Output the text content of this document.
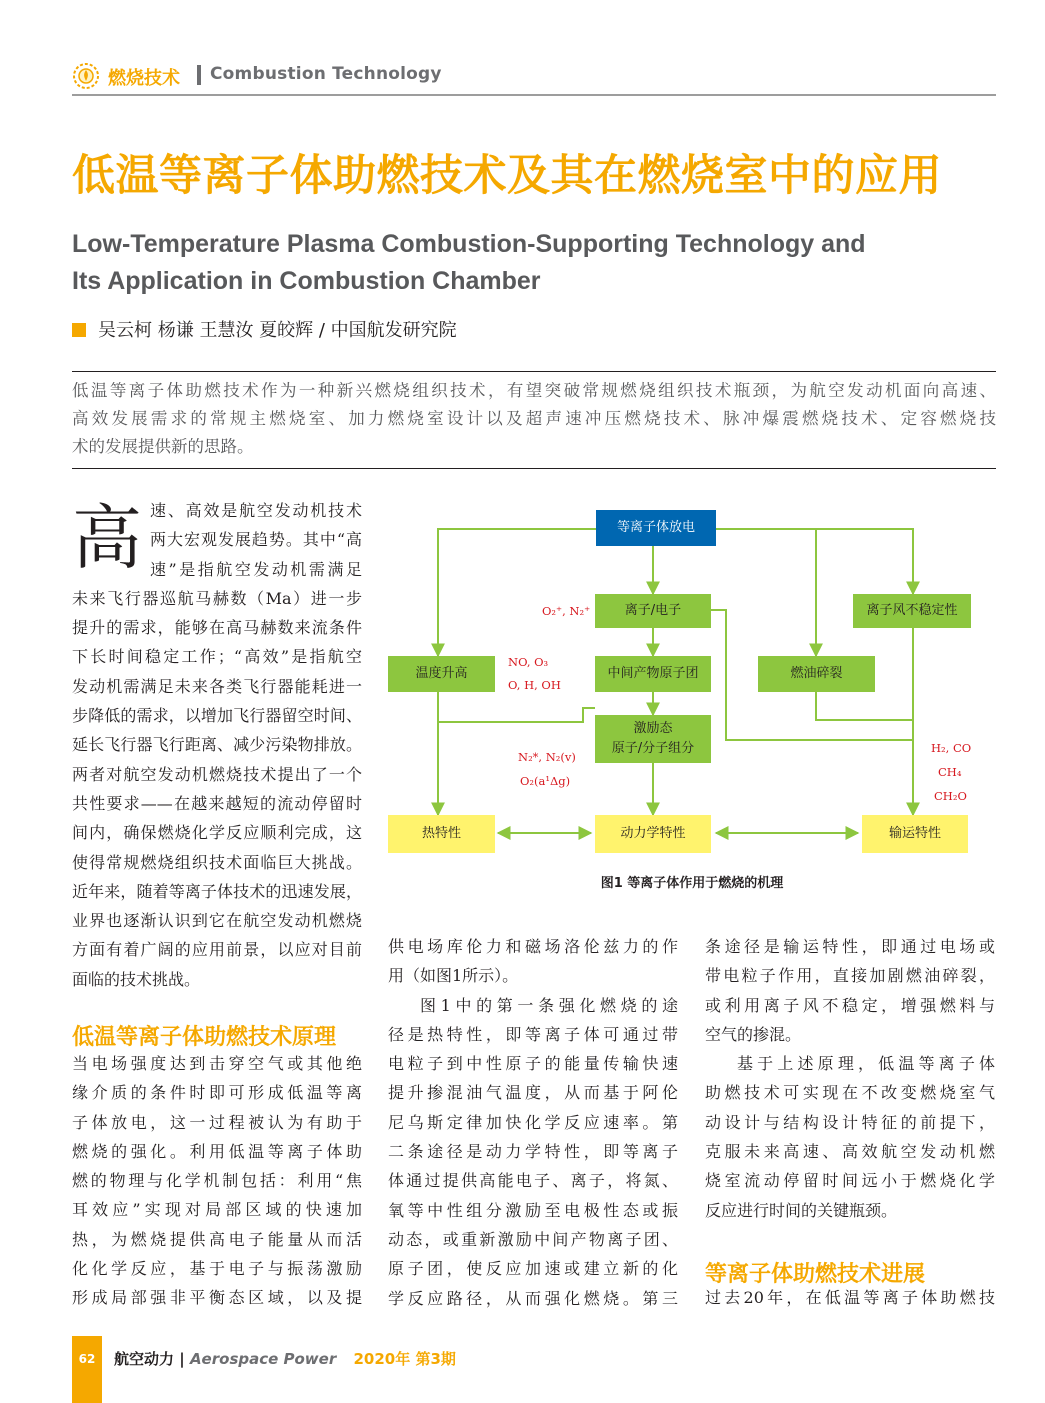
燃烧技术 Combustion Technology
低温等离子体助燃技术及其在燃烧室中的应用
Low-Temperature Plasma Combustion-Supporting Technology and
Its Application in Combustion Chamber
吴云柯 杨谦 王慧汝 夏皎辉 / 中国航发研究院
低温等离子体助燃技术作为一种新兴燃烧组织技术，有望突破常规燃烧组织技术瓶颈，为航空发动机面向高速、
高效发展需求的常规主燃烧室、加力燃烧室设计以及超声速冲压燃烧技术、脉冲爆震燃烧技术、定容燃烧技
术的发展提供新的思路。
高 速、高效是航空发动机技术
两大宏观发展趋势。其中“高
速”是指航空发动机需满足
未来飞行器巡航马赫数（Ma）进一步
提升的需求，能够在高马赫数来流条件
下长时间稳定工作；“高效”是指航空
发动机需满足未来各类飞行器能耗进一
步降低的需求，以增加飞行器留空时间、
延长飞行器飞行距离、减少污染物排放。
两者对航空发动机燃烧技术提出了一个
共性要求——在越来越短的流动停留时
间内，确保燃烧化学反应顺利完成，这
使得常规燃烧组织技术面临巨大挑战。
近年来，随着等离子体技术的迅速发展，
业界也逐渐认识到它在航空发动机燃烧
方面有着广阔的应用前景，以应对目前
面临的技术挑战。
低温等离子体助燃技术原理
当电场强度达到击穿空气或其他绝
缘介质的条件时即可形成低温等离
子体放电，这一过程被认为有助于
燃烧的强化。利用低温等离子体助
燃的物理与化学机制包括：利用“焦
耳效应”实现对局部区域的快速加
热，为燃烧提供高电子能量从而活
化化学反应，基于电子与振荡激励
形成局部强非平衡态区域，以及提
等离子体放电
离子/电子	离子风不稳定性
温度升高	中间产物原子团	燃油碎裂
激励态
原子/分子组分
热特性	动力学特性	输运特性
O₂⁺, N₂⁺
NO, O₃
O, H, OH
N₂*, N₂(v)
O₂(a¹Δg)
H₂, CO
CH₄
CH₂O
图1 等离子体作用于燃烧的机理
供电场库伦力和磁场洛伦兹力的作
用（如图1所示）。
图1中的第一条强化燃烧的途
径是热特性，即等离子体可通过带
电粒子到中性原子的能量传输快速
提升掺混油气温度，从而基于阿伦
尼乌斯定律加快化学反应速率。第
二条途径是动力学特性，即等离子
体通过提供高能电子、离子，将氮、
氧等中性组分激励至电极性态或振
动态，或重新激励中间产物离子团、
原子团，使反应加速或建立新的化
学反应路径，从而强化燃烧。第三
条途径是输运特性，即通过电场或
带电粒子作用，直接加剧燃油碎裂，
或利用离子风不稳定，增强燃料与
空气的掺混。
基于上述原理，低温等离子体
助燃技术可实现在不改变燃烧室气
动设计与结构设计特征的前提下，
克服未来高速、高效航空发动机燃
烧室流动停留时间远小于燃烧化学
反应进行时间的关键瓶颈。
等离子体助燃技术进展
过去20年，在低温等离子体助燃技
62	航空动力 | Aerospace Power 2020年 第3期
